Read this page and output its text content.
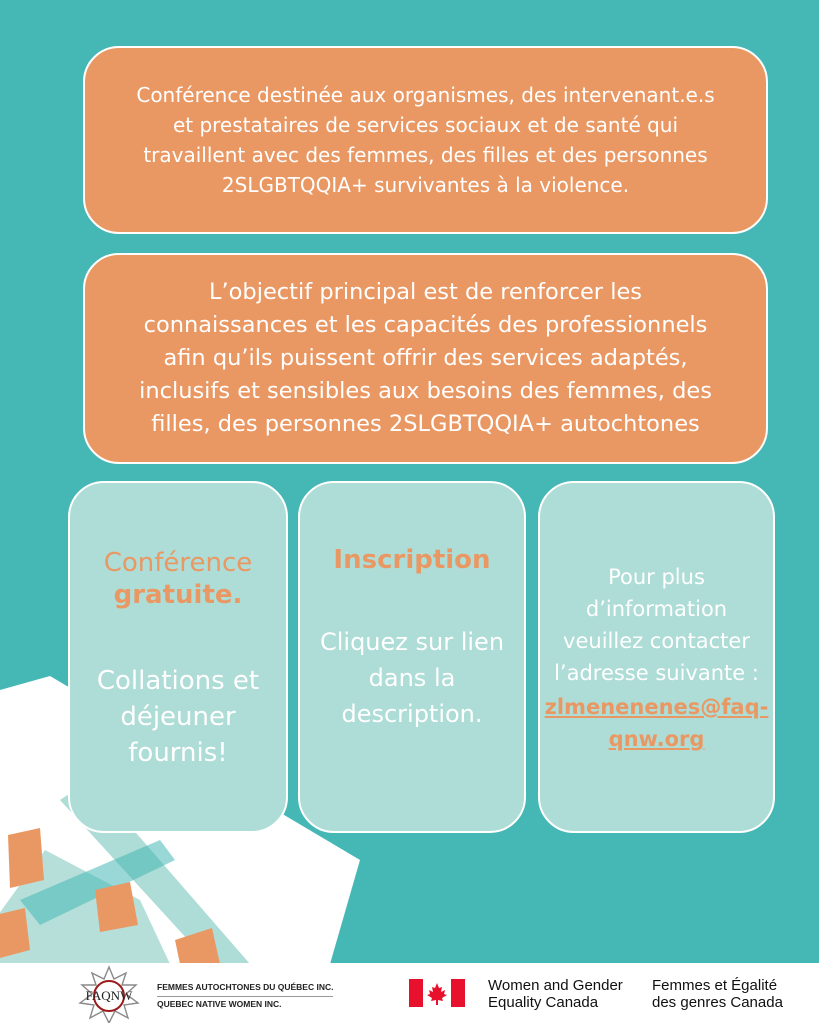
Conférence destinée aux organismes, des intervenant.e.s
et prestataires de services sociaux et de santé qui
travaillent avec des femmes, des filles et des personnes
2SLGBTQQIA+ survivantes à la violence.
L’objectif principal est de renforcer les
connaissances et les capacités des professionnels
afin qu’ils puissent offrir des services adaptés,
inclusifs et sensibles aux besoins des femmes, des
filles, des personnes 2SLGBTQQIA+ autochtones
Conférence
gratuite.
Collations et
déjeuner
fournis!
Inscription
Cliquez sur lien
dans la
description.
Pour plus
d’information
veuillez contacter
l’adresse suivante :
zlmenenenes@faq-qnw.org
FAQNW
FEMMES AUTOCHTONES DU QUÉBEC INC.
QUEBEC NATIVE WOMEN INC.
Women and Gender
Equality Canada
Femmes et Égalité
des genres Canada
